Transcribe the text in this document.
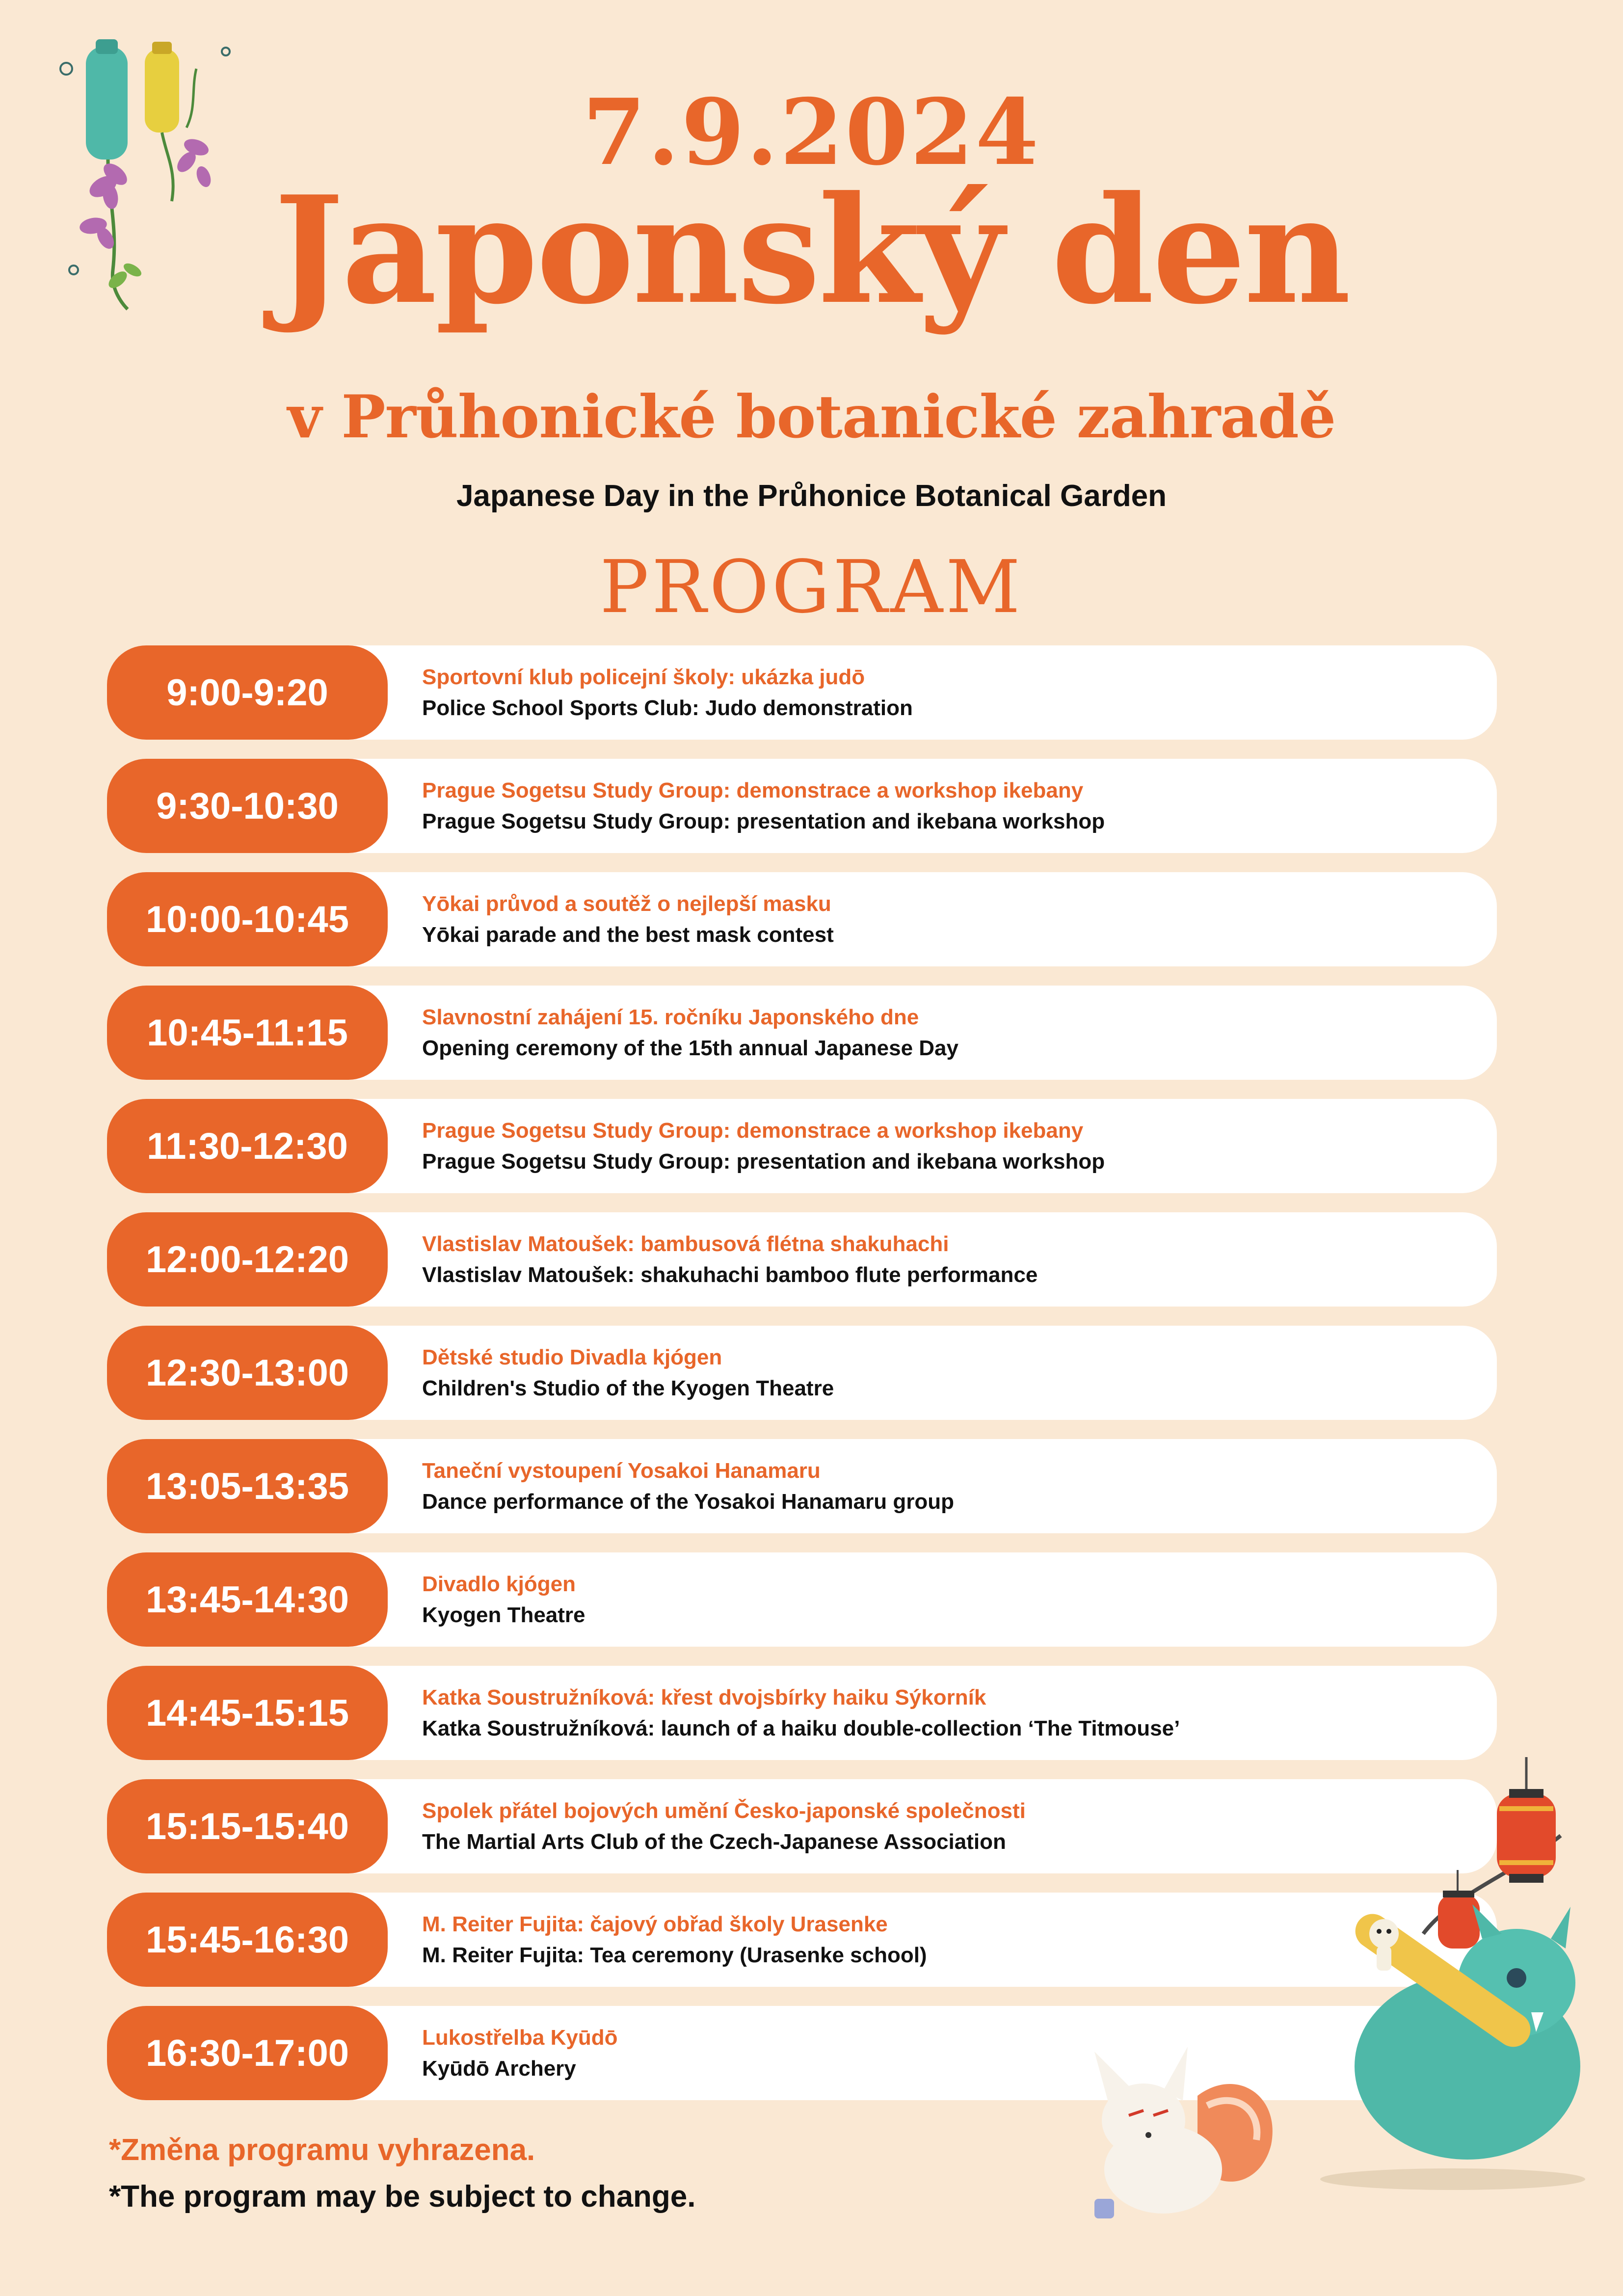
7.9.2024
Japonský den
v Průhonické botanické zahradě
Japanese Day in the Průhonice Botanical Garden
PROGRAM
9:00-9:20	Sportovní klub policejní školy: ukázka judō
Police School Sports Club: Judo demonstration
9:30-10:30	Prague Sogetsu Study Group: demonstrace a workshop ikebany
Prague Sogetsu Study Group: presentation and ikebana workshop
10:00-10:45	Yōkai průvod a soutěž o nejlepší masku
Yōkai parade and the best mask contest
10:45-11:15	Slavnostní zahájení 15. ročníku Japonského dne
Opening ceremony of the 15th annual Japanese Day
11:30-12:30	Prague Sogetsu Study Group: demonstrace a workshop ikebany
Prague Sogetsu Study Group: presentation and ikebana workshop
12:00-12:20	Vlastislav Matoušek: bambusová flétna shakuhachi
Vlastislav Matoušek: shakuhachi bamboo flute performance
12:30-13:00	Dětské studio Divadla kjógen
Children's Studio of the Kyogen Theatre
13:05-13:35	Taneční vystoupení Yosakoi Hanamaru
Dance performance of the Yosakoi Hanamaru group
13:45-14:30	Divadlo kjógen
Kyogen Theatre
14:45-15:15	Katka Soustružníková: křest dvojsbírky haiku Sýkorník
Katka Soustružníková: launch of a haiku double-collection ‘The Titmouse’
15:15-15:40	Spolek přátel bojových umění Česko-japonské společnosti
The Martial Arts Club of the Czech-Japanese Association
15:45-16:30	M. Reiter Fujita: čajový obřad školy Urasenke
M. Reiter Fujita: Tea ceremony (Urasenke school)
16:30-17:00	Lukostřelba Kyūdō
Kyūdō Archery
*Změna programu vyhrazena.
*The program may be subject to change.
